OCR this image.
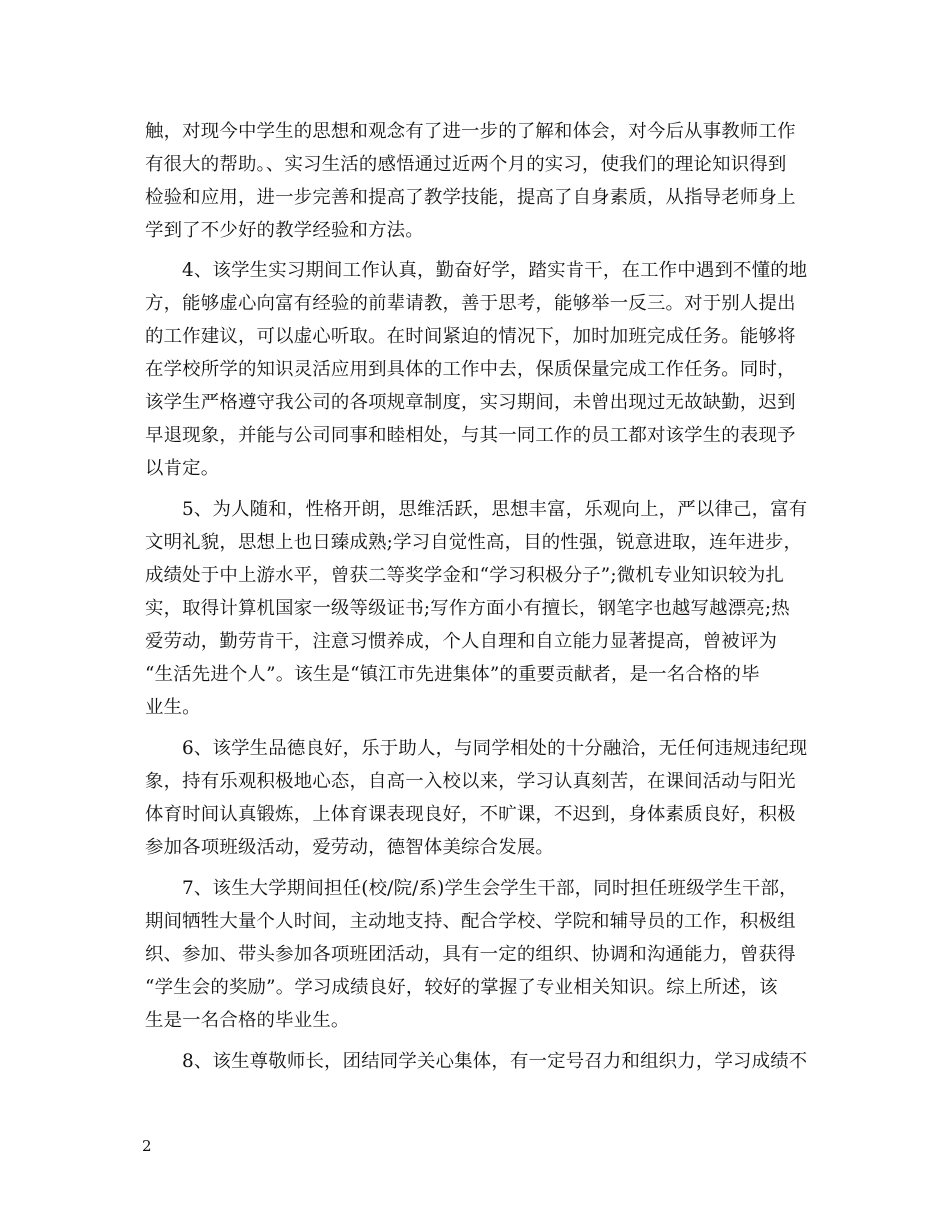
触，对现今中学生的思想和观念有了进一步的了解和体会，对今后从事教师工作
有很大的帮助。、实习生活的感悟通过近两个月的实习，使我们的理论知识得到
检验和应用，进一步完善和提高了教学技能，提高了自身素质，从指导老师身上
学到了不少好的教学经验和方法。

4、该学生实习期间工作认真，勤奋好学，踏实肯干，在工作中遇到不懂的地
方，能够虚心向富有经验的前辈请教，善于思考，能够举一反三。对于别人提出
的工作建议，可以虚心听取。在时间紧迫的情况下，加时加班完成任务。能够将
在学校所学的知识灵活应用到具体的工作中去，保质保量完成工作任务。同时，
该学生严格遵守我公司的各项规章制度，实习期间，未曾出现过无故缺勤，迟到
早退现象，并能与公司同事和睦相处，与其一同工作的员工都对该学生的表现予
以肯定。

5、为人随和，性格开朗，思维活跃，思想丰富，乐观向上，严以律己，富有
文明礼貌，思想上也日臻成熟;学习自觉性高，目的性强，锐意进取，连年进步，
成绩处于中上游水平，曾获二等奖学金和“学习积极分子”;微机专业知识较为扎
实，取得计算机国家一级等级证书;写作方面小有擅长，钢笔字也越写越漂亮;热
爱劳动，勤劳肯干，注意习惯养成，个人自理和自立能力显著提高，曾被评为
“生活先进个人”。该生是“镇江市先进集体”的重要贡献者，是一名合格的毕
业生。

6、该学生品德良好，乐于助人，与同学相处的十分融洽，无任何违规违纪现
象，持有乐观积极地心态，自高一入校以来，学习认真刻苦，在课间活动与阳光
体育时间认真锻炼，上体育课表现良好，不旷课，不迟到，身体素质良好，积极
参加各项班级活动，爱劳动，德智体美综合发展。

7、该生大学期间担任(校/院/系)学生会学生干部，同时担任班级学生干部，
期间牺牲大量个人时间，主动地支持、配合学校、学院和辅导员的工作，积极组
织、参加、带头参加各项班团活动，具有一定的组织、协调和沟通能力，曾获得
“学生会的奖励”。学习成绩良好，较好的掌握了专业相关知识。综上所述，该
生是一名合格的毕业生。

8、该生尊敬师长，团结同学关心集体，有一定号召力和组织力，学习成绩不

2
